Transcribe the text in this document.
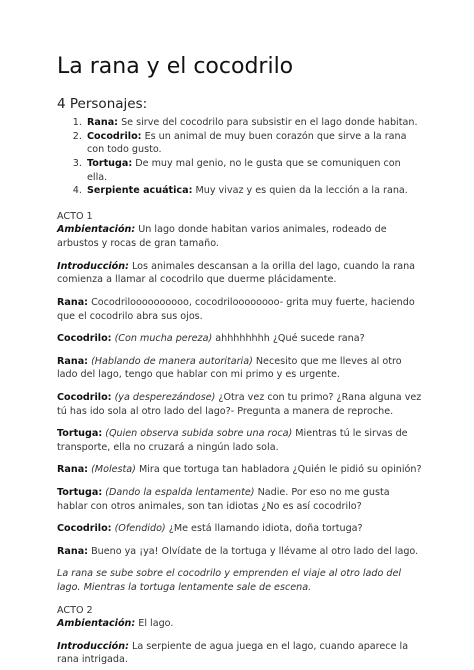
La rana y el cocodrilo
4 Personajes:
1. Rana: Se sirve del cocodrilo para subsistir en el lago donde habitan.
2. Cocodrilo: Es un animal de muy buen corazón que sirve a la rana con todo gusto.
3. Tortuga: De muy mal genio, no le gusta que se comuniquen con ella.
4. Serpiente acuática: Muy vivaz y es quien da la lección a la rana.

ACTO 1

Ambientación: Un lago donde habitan varios animales, rodeado de arbustos y rocas de gran tamaño.

Introducción: Los animales descansan a la orilla del lago, cuando la rana comienza a llamar al cocodrilo que duerme plácidamente.

Rana: Cocodriloooooooooo, cocodriloooooooo- grita muy fuerte, haciendo que el cocodrilo abra sus ojos.

Cocodrilo: (Con mucha pereza) ahhhhhhhh ¿Qué sucede rana?

Rana: (Hablando de manera autoritaria) Necesito que me lleves al otro lado del lago, tengo que hablar con mi primo y es urgente.

Cocodrilo: (ya desperezándose) ¿Otra vez con tu primo? ¿Rana alguna vez tú has ido sola al otro lado del lago?- Pregunta a manera de reproche.

Tortuga: (Quien observa subida sobre una roca) Mientras tú le sirvas de transporte, ella no cruzará a ningún lado sola.

Rana: (Molesta) Mira que tortuga tan habladora ¿Quién le pidió su opinión?

Tortuga: (Dando la espalda lentamente) Nadie. Por eso no me gusta hablar con otros animales, son tan idiotas ¿No es así cocodrilo?

Cocodrilo: (Ofendido) ¿Me está llamando idiota, doña tortuga?

Rana: Bueno ya ¡ya! Olvídate de la tortuga y llévame al otro lado del lago.

La rana se sube sobre el cocodrilo y emprenden el viaje al otro lado del lago. Mientras la tortuga lentamente sale de escena.

ACTO 2

Ambientación: El lago.

Introducción: La serpiente de agua juega en el lago, cuando aparece la rana intrigada.
